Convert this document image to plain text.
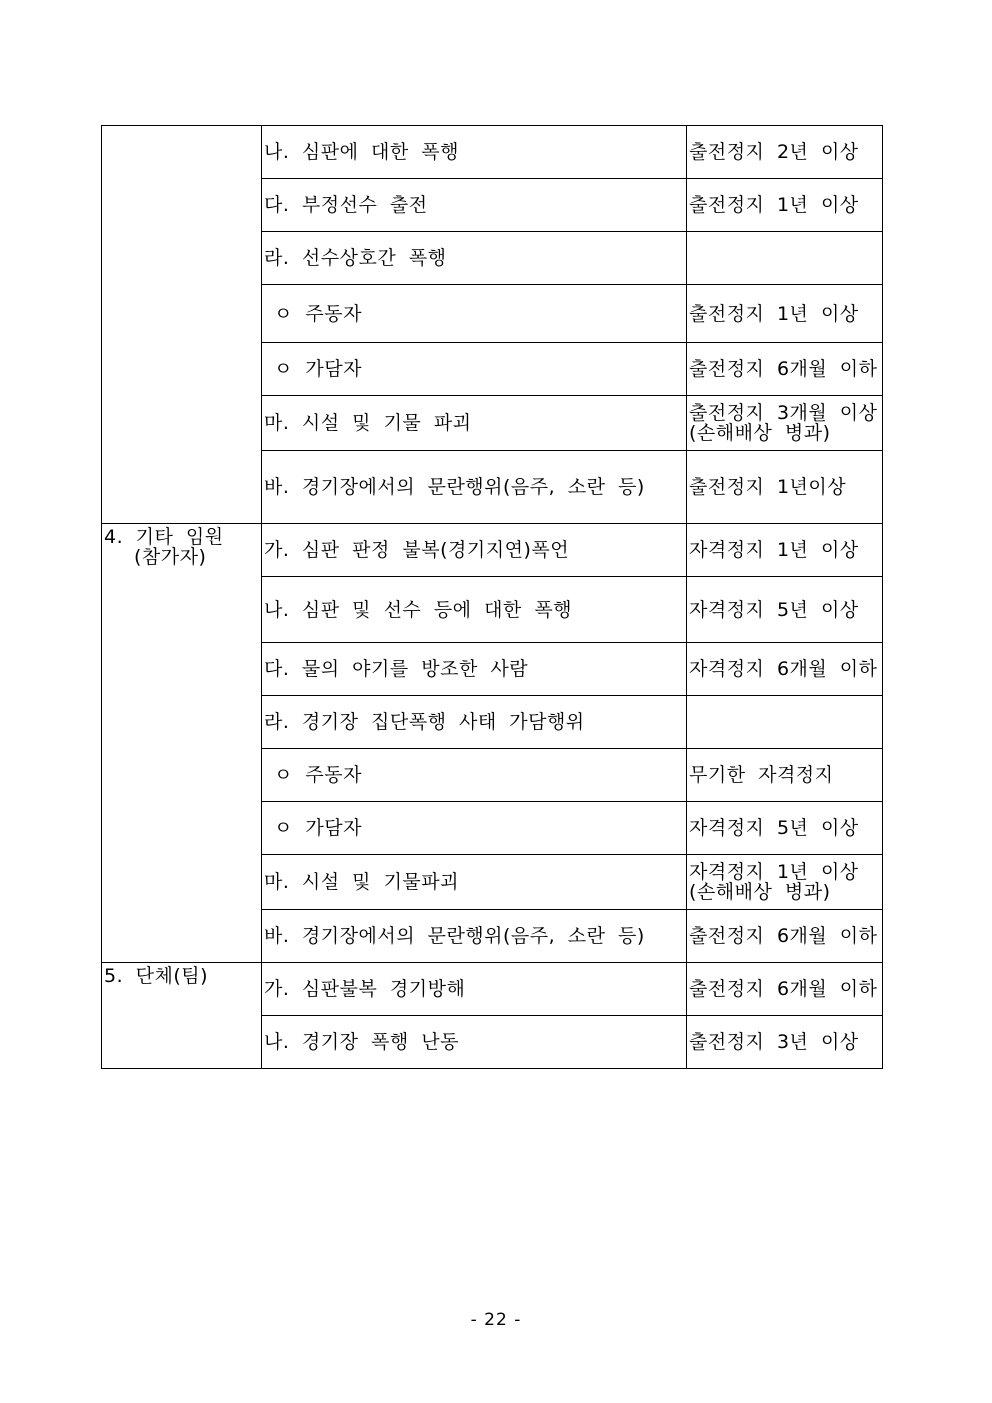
	나. 심판에 대한 폭행	출전정지 2년 이상
	다. 부정선수 출전	출전정지 1년 이상
	라. 선수상호간 폭행	
	ㅇ 주동자	출전정지 1년 이상
	ㅇ 가담자	출전정지 6개월 이하
	마. 시설 및 기물 파괴	출전정지 3개월 이상
(손해배상 병과)

	바. 경기장에서의 문란행위(음주, 소란 등)	출전정지 1년이상

4. 기타 임원
(참가자)	가. 심판 판정 불복(경기지연)폭언	자격정지 1년 이상
	나. 심판 및 선수 등에 대한 폭행	자격정지 5년 이상
	다. 물의 야기를 방조한 사람	자격정지 6개월 이하
	라. 경기장 집단폭행 사태 가담행위	
	ㅇ 주동자	무기한 자격정지
	ㅇ 가담자	자격정지 5년 이상
	마. 시설 및 기물파괴	자격정지 1년 이상
(손해배상 병과)

	바. 경기장에서의 문란행위(음주, 소란 등)	출전정지 6개월 이하

5. 단체(팀)	가. 심판불복 경기방해	출전정지 6개월 이하
	나. 경기장 폭행 난동	출전정지 3년 이상
- 22 -
